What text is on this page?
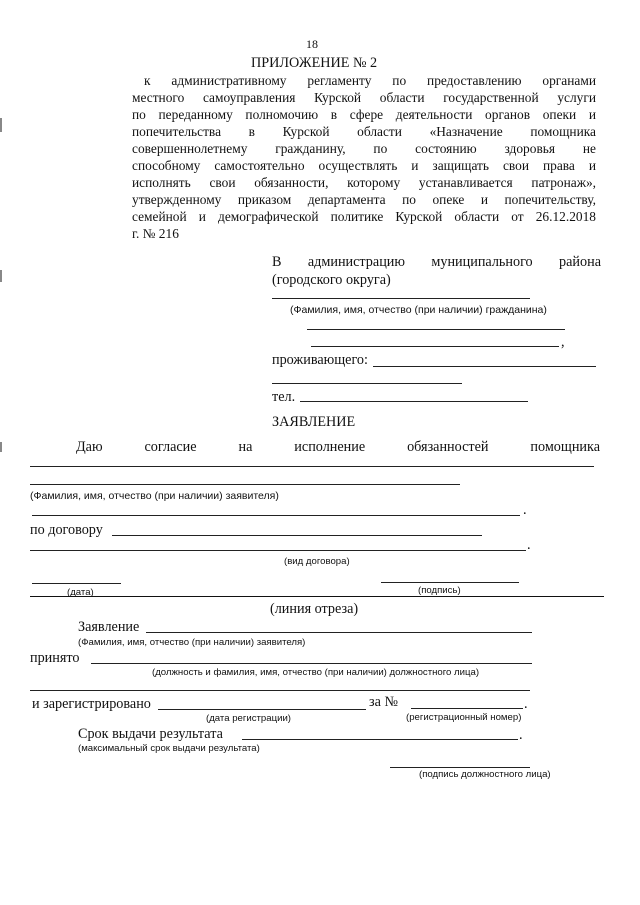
18
ПРИЛОЖЕНИЕ № 2
к административному регламенту по предоставлению органами
местного самоуправления Курской области государственной услуги
по переданному полномочию в сфере деятельности органов опеки и
попечительства в Курской области «Назначение помощника
совершеннолетнему гражданину, по состоянию здоровья не
способному самостоятельно осуществлять и защищать свои права и
исполнять свои обязанности, которому устанавливается патронаж»,
утвержденному приказом департамента по опеке и попечительству,
семейной и демографической политике Курской области от 26.12.2018
г. № 216
В администрацию муниципального района
(городского округа)
(Фамилия, имя, отчество (при наличии) гражданина)
,
проживающего:
тел.
ЗАЯВЛЕНИЕ
Даю согласие на исполнение обязанностей помощника
(Фамилия, имя, отчество (при наличии) заявителя)
.
по договору
.
(вид договора)
(дата)	(подпись)
(линия отреза)
Заявление
(Фамилия, имя, отчество (при наличии) заявителя)
принято
(должность и фамилия, имя, отчество (при наличии) должностного лица)
и зарегистрировано	за №	.
(дата регистрации)	(регистрационный номер)
Срок выдачи результата	.
(максимальный срок выдачи результата)
(подпись должностного лица)
